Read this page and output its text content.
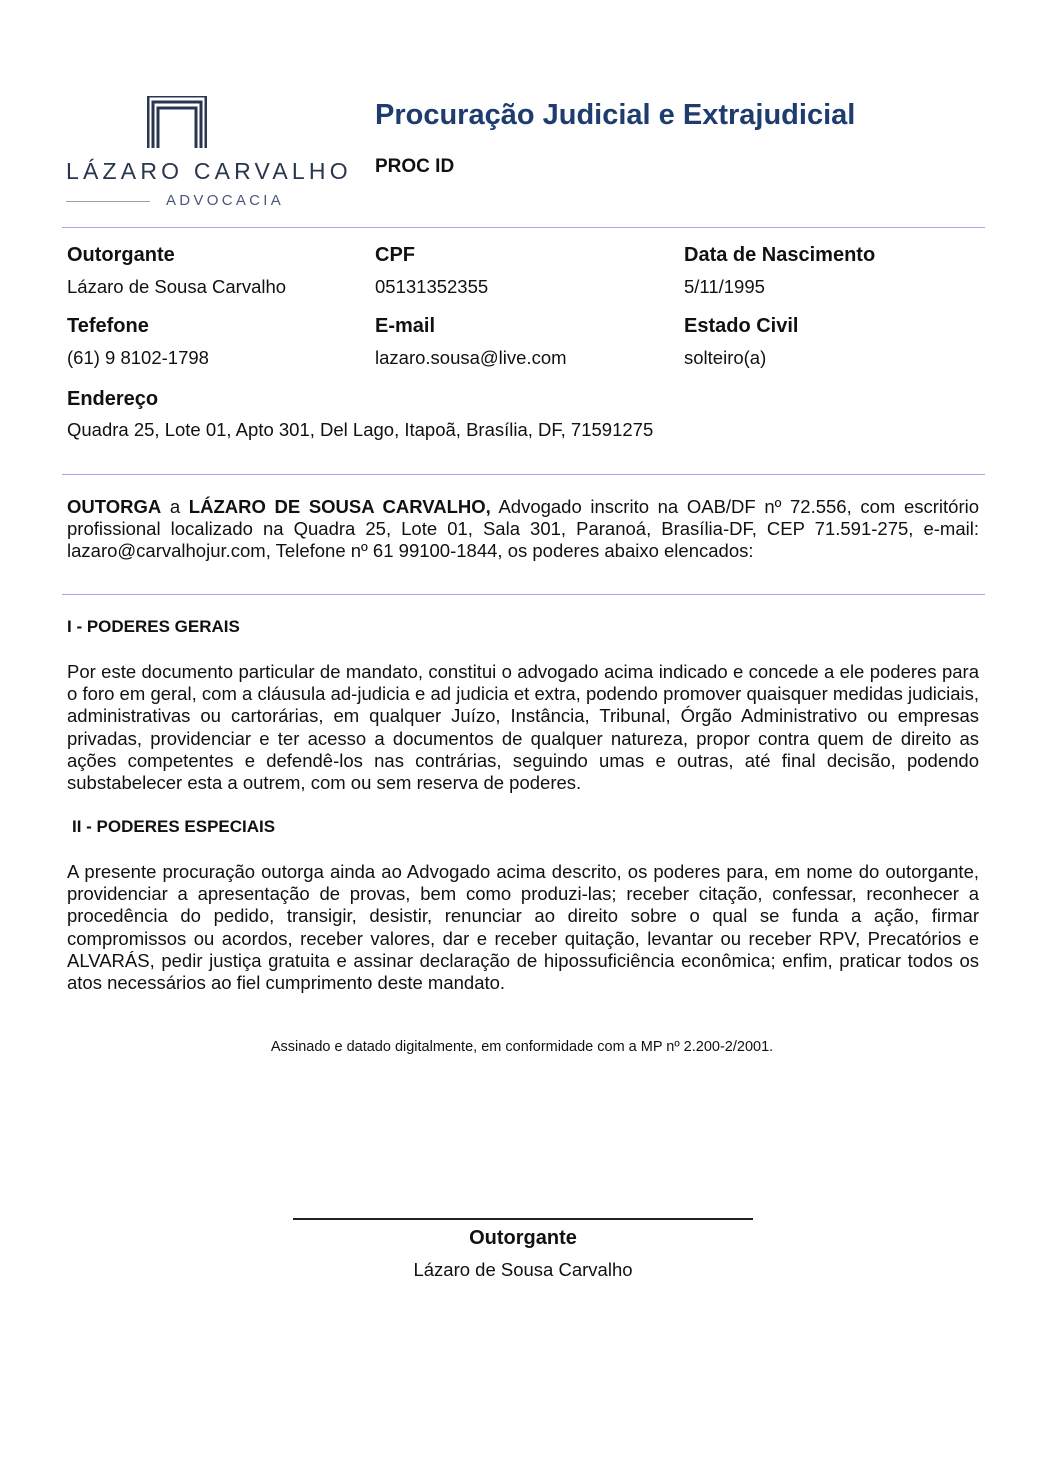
LÁZARO CARVALHO
ADVOCACIA
Procuração Judicial e Extrajudicial
PROC ID
Outorgante
Lázaro de Sousa Carvalho
CPF
05131352355
Data de Nascimento
5/11/1995
Tefefone
(61) 9 8102-1798
E-mail
lazaro.sousa@live.com
Estado Civil
solteiro(a)
Endereço
Quadra 25, Lote 01, Apto 301, Del Lago, Itapoã, Brasília, DF, 71591275
OUTORGA a LÁZARO DE SOUSA CARVALHO, Advogado inscrito na OAB/DF nº 72.556, com escritório profissional localizado na Quadra 25, Lote 01, Sala 301, Paranoá, Brasília-DF, CEP 71.591-275, e-mail: lazaro@carvalhojur.com, Telefone nº 61 99100-1844, os poderes abaixo elencados:
I - PODERES GERAIS
Por este documento particular de mandato, constitui o advogado acima indicado e concede a ele poderes para o foro em geral, com a cláusula ad-judicia e ad judicia et extra, podendo promover quaisquer medidas judiciais, administrativas ou cartorárias, em qualquer Juízo, Instância, Tribunal, Órgão Administrativo ou empresas privadas, providenciar e ter acesso a documentos de qualquer natureza, propor contra quem de direito as ações competentes e defendê-los nas contrárias, seguindo umas e outras, até final decisão, podendo substabelecer esta a outrem, com ou sem reserva de poderes.
II - PODERES ESPECIAIS
A presente procuração outorga ainda ao Advogado acima descrito, os poderes para, em nome do outorgante, providenciar a apresentação de provas, bem como produzi-las; receber citação, confessar, reconhecer a procedência do pedido, transigir, desistir, renunciar ao direito sobre o qual se funda a ação, firmar compromissos ou acordos, receber valores, dar e receber quitação, levantar ou receber RPV, Precatórios e ALVARÁS, pedir justiça gratuita e assinar declaração de hipossuficiência econômica; enfim, praticar todos os atos necessários ao fiel cumprimento deste mandato.
Assinado e datado digitalmente, em conformidade com a MP nº 2.200-2/2001.
Outorgante
Lázaro de Sousa Carvalho
